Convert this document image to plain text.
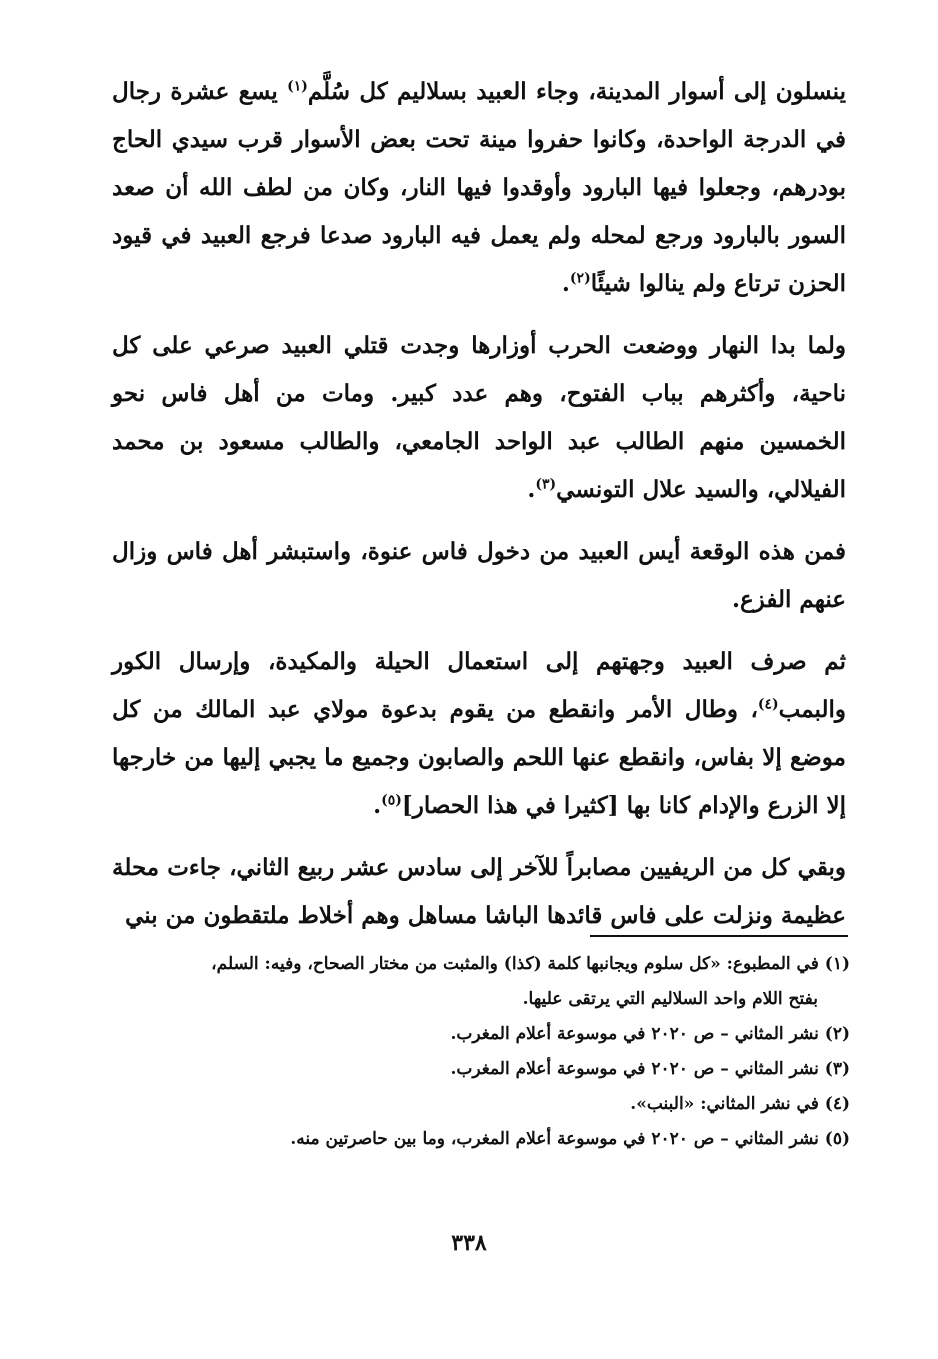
ينسلون إلى أسوار المدينة، وجاء العبيد بسلاليم كل سُلَّم$^{(١)}$ يسع عشرة رجال في الدرجة الواحدة، وكانوا حفروا مينة تحت بعض الأسوار قرب سيدي الحاج بودرهم، وجعلوا فيها البارود وأوقدوا فيها النار، وكان من لطف الله أن صعد السور بالبارود ورجع لمحله ولم يعمل فيه البارود صدعا فرجع العبيد في قيود الحزن ترتاع ولم ينالوا شيئًا$^{(٢)}$.

ولما بدا النهار ووضعت الحرب أوزارها وجدت قتلي العبيد صرعي على كل ناحية، وأكثرهم بباب الفتوح، وهم عدد كبير. ومات من أهل فاس نحو الخمسين منهم الطالب عبد الواحد الجامعي، والطالب مسعود بن محمد الفيلالي، والسيد علال التونسي$^{(٣)}$.

فمن هذه الوقعة أيس العبيد من دخول فاس عنوة، واستبشر أهل فاس وزال عنهم الفزع.

ثم صرف العبيد وجهتهم إلى استعمال الحيلة والمكيدة، وإرسال الكور والبمب$^{(٤)}$، وطال الأمر وانقطع من يقوم بدعوة مولاي عبد المالك من كل موضع إلا بفاس، وانقطع عنها اللحم والصابون وجميع ما يجبي إليها من خارجها إلا الزرع والإدام كانا بها [كثيرا في هذا الحصار]$^{(٥)}$.

وبقي كل من الريفيين مصابراً للآخر إلى سادس عشر ربيع الثاني، جاءت محلة عظيمة ونزلت على فاس قائدها الباشا مساهل وهم أخلاط ملتقطون من بني

(١) في المطبوع: «كل سلوم ويجانبها كلمة (كذا) والمثبت من مختار الصحاح، وفيه: السلم،
بفتح اللام واحد السلاليم التي يرتقى عليها.
(٢) نشر المثاني – ص ٢٠٢٠ في موسوعة أعلام المغرب.
(٣) نشر المثاني – ص ٢٠٢٠ في موسوعة أعلام المغرب.
(٤) في نشر المثاني: «البنب».
(٥) نشر المثاني – ص ٢٠٢٠ في موسوعة أعلام المغرب، وما بين حاصرتين منه.
٣٣٨
